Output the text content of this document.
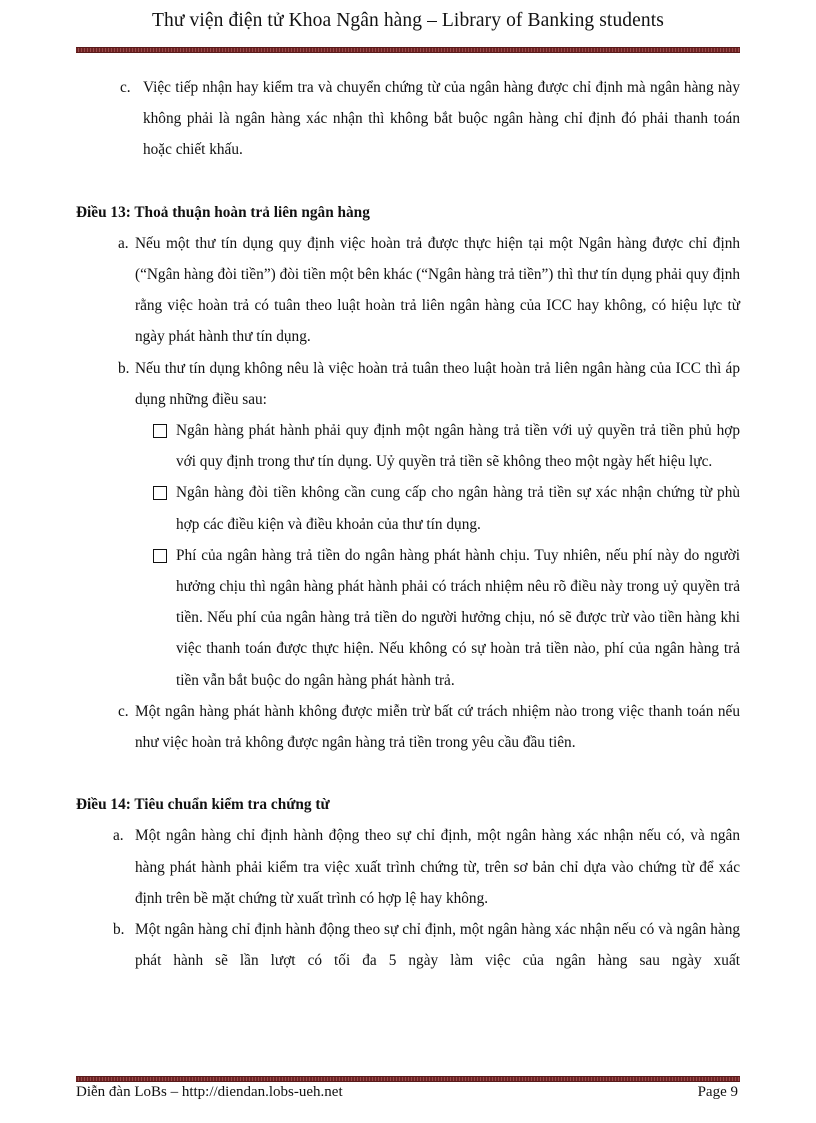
Thư viện điện tử Khoa Ngân hàng – Library of Banking students

c. Việc tiếp nhận hay kiểm tra và chuyển chứng từ của ngân hàng được chỉ định mà ngân hàng này không phải là ngân hàng xác nhận thì không bắt buộc ngân hàng chỉ định đó phải thanh toán hoặc chiết khấu.

Điều 13: Thoả thuận hoàn trả liên ngân hàng

a. Nếu một thư tín dụng quy định việc hoàn trả được thực hiện tại một Ngân hàng được chỉ định (“Ngân hàng đòi tiền”) đòi tiền một bên khác (“Ngân hàng trả tiền”) thì thư tín dụng phải quy định rằng việc hoàn trả có tuân theo luật hoàn trả liên ngân hàng của ICC hay không, có hiệu lực từ ngày phát hành thư tín dụng.

b. Nếu thư tín dụng không nêu là việc hoàn trả tuân theo luật hoàn trả liên ngân hàng của ICC thì áp dụng những điều sau:

Ngân hàng phát hành phải quy định một ngân hàng trả tiền với uỷ quyền trả tiền phủ hợp với quy định trong thư tín dụng. Uỷ quyền trả tiền sẽ không theo một ngày hết hiệu lực.

Ngân hàng đòi tiền không cần cung cấp cho ngân hàng trả tiền sự xác nhận chứng từ phù hợp các điều kiện và điều khoản của thư tín dụng.

Phí của ngân hàng trả tiền do ngân hàng phát hành chịu. Tuy nhiên, nếu phí này do người hưởng chịu thì ngân hàng phát hành phải có trách nhiệm nêu rõ điều này trong uỷ quyền trả tiền. Nếu phí của ngân hàng trả tiền do người hưởng chịu, nó sẽ được trừ vào tiền hàng khi việc thanh toán được thực hiện. Nếu không có sự hoàn trả tiền nào, phí của ngân hàng trả tiền vẫn bắt buộc do ngân hàng phát hành trả.

c. Một ngân hàng phát hành không được miễn trừ bất cứ trách nhiệm nào trong việc thanh toán nếu như việc hoàn trả không được ngân hàng trả tiền trong yêu cầu đầu tiên.

Điều 14: Tiêu chuẩn kiểm tra chứng từ

a. Một ngân hàng chỉ định hành động theo sự chỉ định, một ngân hàng xác nhận nếu có, và ngân hàng phát hành phải kiểm tra việc xuất trình chứng từ, trên sơ bản chỉ dựa vào chứng từ để xác định trên bề mặt chứng từ xuất trình có hợp lệ hay không.

b. Một ngân hàng chỉ định hành động theo sự chỉ định, một ngân hàng xác nhận nếu có và ngân hàng phát hành sẽ lần lượt có tối đa 5 ngày làm việc của ngân hàng sau ngày xuất

Diễn đàn LoBs – http://diendan.lobs-ueh.net	Page 9
